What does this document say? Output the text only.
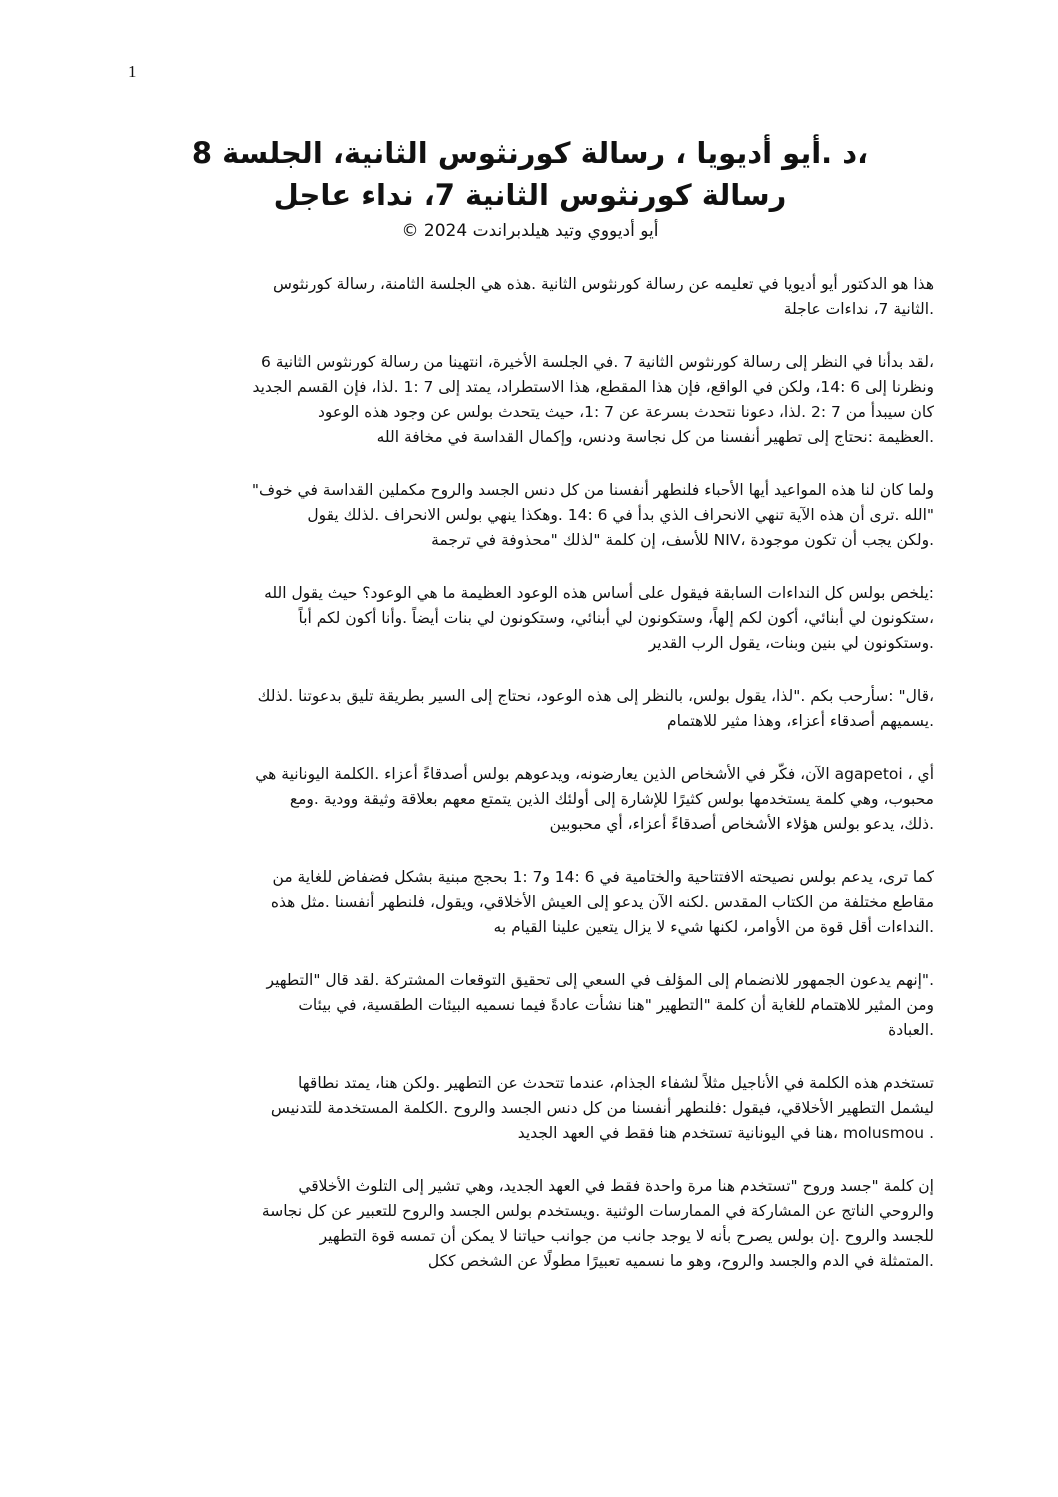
1
،د .أيو أديويا ، رسالة كورنثوس الثانية، الجلسة 8
رسالة كورنثوس الثانية 7، نداء عاجل
أيو أديووي وتيد هيلدبراندت 2024 ©
هذا هو الدكتور أيو أديويا في تعليمه عن رسالة كورنثوس الثانية .هذه هي الجلسة الثامنة، رسالة كورنثوس
.الثانية 7، نداءات عاجلة
،لقد بدأنا في النظر إلى رسالة كورنثوس الثانية 7 .في الجلسة الأخيرة، انتهينا من رسالة كورنثوس الثانية 6
ونظرنا إلى 6 :14، ولكن في الواقع، فإن هذا المقطع، هذا الاستطراد، يمتد إلى 7 :1 .لذا، فإن القسم الجديد
كان سيبدأ من 7 :2 .لذا، دعونا نتحدث بسرعة عن 7 :1، حيث يتحدث بولس عن وجود هذه الوعود
.العظيمة :نحتاج إلى تطهير أنفسنا من كل نجاسة ودنس، وإكمال القداسة في مخافة الله
ولما كان لنا هذه المواعيد أيها الأحباء فلنطهر أنفسنا من كل دنس الجسد والروح مكملين القداسة في خوف"
"الله .ترى أن هذه الآية تنهي الانحراف الذي بدأ في 6 :14 .وهكذا ينهي بولس الانحراف .لذلك يقول
.ولكن يجب أن تكون موجودة ،NIV للأسف، إن كلمة "لذلك "محذوفة في ترجمة
:يلخص بولس كل النداءات السابقة فيقول على أساس هذه الوعود العظيمة ما هي الوعود؟ حيث يقول الله
،ستكونون لي أبنائي، أكون لكم إلهاً، وستكونون لي أبنائي، وستكونون لي بنات أيضاً .وأنا أكون لكم أباً
.وستكونون لي بنين وبنات، يقول الرب القدير
،قال" :سأرحب بكم ."لذا، يقول بولس، بالنظر إلى هذه الوعود، نحتاج إلى السير بطريقة تليق بدعوتنا .لذلك
.يسميهم أصدقاء أعزاء، وهذا مثير للاهتمام
أي ، agapetoi الآن، فكّر في الأشخاص الذين يعارضونه، ويدعوهم بولس أصدقاءً أعزاء .الكلمة اليونانية هي
محبوب، وهي كلمة يستخدمها بولس كثيرًا للإشارة إلى أولئك الذين يتمتع معهم بعلاقة وثيقة وودية .ومع
.ذلك، يدعو بولس هؤلاء الأشخاص أصدقاءً أعزاء، أي محبوبين
كما ترى، يدعم بولس نصيحته الافتتاحية والختامية في 6 :14 و7 :1 بحجج مبنية بشكل فضفاض للغاية من
مقاطع مختلفة من الكتاب المقدس .لكنه الآن يدعو إلى العيش الأخلاقي، ويقول، فلنطهر أنفسنا .مثل هذه
.النداءات أقل قوة من الأوامر، لكنها شيء لا يزال يتعين علينا القيام به
."إنهم يدعون الجمهور للانضمام إلى المؤلف في السعي إلى تحقيق التوقعات المشتركة .لقد قال "التطهير
ومن المثير للاهتمام للغاية أن كلمة "التطهير "هنا نشأت عادةً فيما نسميه البيئات الطقسية، في بيئات
.العبادة
تستخدم هذه الكلمة في الأناجيل مثلاً لشفاء الجذام، عندما تتحدث عن التطهير .ولكن هنا، يمتد نطاقها
ليشمل التطهير الأخلاقي، فيقول :فلنطهر أنفسنا من كل دنس الجسد والروح .الكلمة المستخدمة للتدنيس
. molusmou ،هنا في اليونانية تستخدم هنا فقط في العهد الجديد
إن كلمة "جسد وروح "تستخدم هنا مرة واحدة فقط في العهد الجديد، وهي تشير إلى التلوث الأخلاقي
والروحي الناتج عن المشاركة في الممارسات الوثنية .ويستخدم بولس الجسد والروح للتعبير عن كل نجاسة
للجسد والروح .إن بولس يصرح بأنه لا يوجد جانب من جوانب حياتنا لا يمكن أن تمسه قوة التطهير
.المتمثلة في الدم والجسد والروح، وهو ما نسميه تعبيرًا مطولًا عن الشخص ككل
